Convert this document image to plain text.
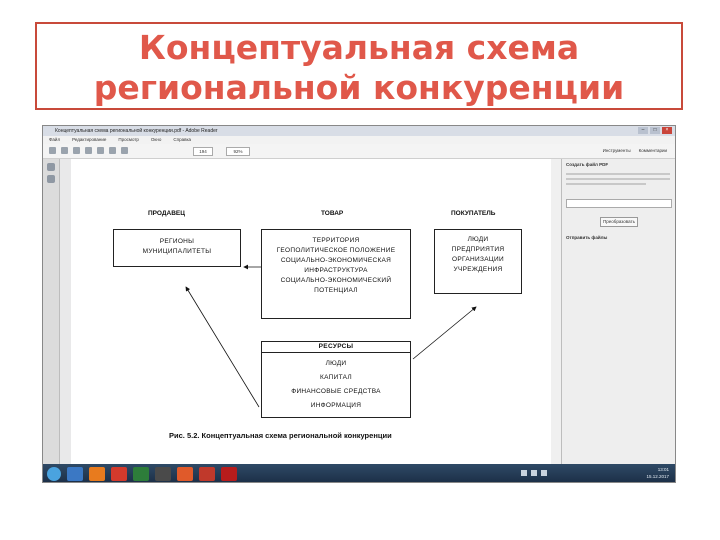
Концептуальная схема
региональной конкуренции
Концептуальная схема региональной конкуренции.pdf - Adobe Reader	–	□	×
Файл	Редактирование	Просмотр	Окно	Справка
194	92%	Инструменты Комментарии
ПРОДАВЕЦ	ТОВАР	ПОКУПАТЕЛЬ
РЕГИОНЫ
МУНИЦИПАЛИТЕТЫ
ТЕРРИТОРИЯ
ГЕОПОЛИТИЧЕСКОЕ ПОЛОЖЕНИЕ
СОЦИАЛЬНО-ЭКОНОМИЧЕСКАЯ
ИНФРАСТРУКТУРА
СОЦИАЛЬНО-ЭКОНОМИЧЕСКИЙ
ПОТЕНЦИАЛ
ЛЮДИ
ПРЕДПРИЯТИЯ
ОРГАНИЗАЦИИ
УЧРЕЖДЕНИЯ
РЕСУРСЫ
ЛЮДИ
КАПИТАЛ
ФИНАНСОВЫЕ СРЕДСТВА
ИНФОРМАЦИЯ
Рис. 5.2. Концептуальная схема региональной конкуренции
Создать файл PDF
Преобразовать
Отправить файлы
13:01
15.12.2017
